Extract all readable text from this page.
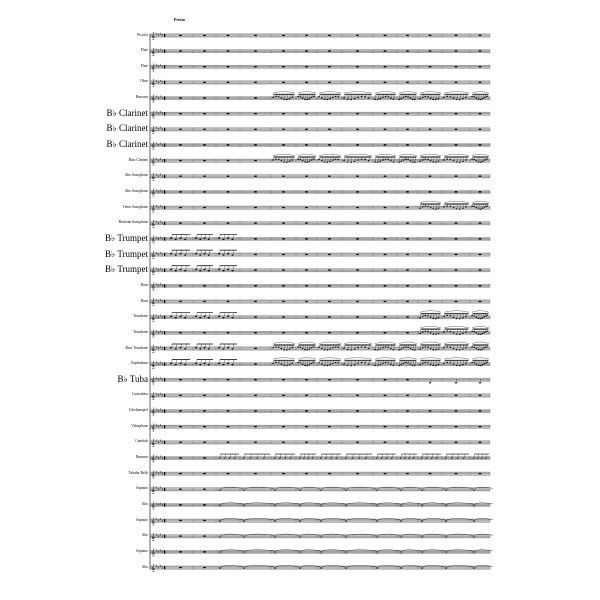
Presto
Piccolo
Flute
Flute
Oboe
Bassoon
B♭ Clarinet
B♭ Clarinet
B♭ Clarinet
Bass Clarinet
Alto Saxophone
Alto Saxophone
Tenor Saxophone
Baritone Saxophone
B♭ Trumpet
B♭ Trumpet
B♭ Trumpet
Horn
Horn
Trombone
Trombone
Bass Trombone
Euphonium
B♭ Tuba
Contrabass
Glockenspiel
Vibraphone
Cymbals
Drumset
Tubular Bells
Soprano
Alto
Soprano
Alto
Soprano
Alto
𝄞 ♯ ♯ ♯ ♯
𝄞 ♯ ♯ ♯ ♯
𝄞 ♯ ♯ ♯ ♯
𝄞 ♯ ♯ ♯ ♯
𝄞 ♯ ♯ ♯ ♯
𝄞 ♯ ♯ ♯ ♯
𝄞 ♯ ♯ ♯ ♯
𝄞 ♯ ♯ ♯ ♯
𝄞 ♯ ♯ ♯ ♯
𝄞 ♯ ♯ ♯ ♯
𝄞 ♯ ♯ ♯ ♯
𝄞 ♯ ♯ ♯ ♯
𝄞 ♯ ♯ ♯ ♯
𝄞 ♯ ♯ ♯ ♯
𝄞 ♯ ♯ ♯ ♯
𝄞 ♯ ♯ ♯ ♯
𝄞 ♯ ♯ ♯ ♯
𝄞 ♯ ♯ ♯ ♯
𝄞 ♯ ♯ ♯ ♯
𝄞 ♯ ♯ ♯ ♯
𝄞 ♯ ♯ ♯ ♯
𝄞 ♯ ♯ ♯ ♯
𝄞 ♯ ♯ ♯ ♯
𝄞 ♯ ♯ ♯ ♯
𝄞 ♯ ♯ ♯ ♯
𝄞 ♯ ♯ ♯ ♯
𝄞 ♯ ♯ ♯ ♯
𝄞 ♯ ♯ ♯ ♯
𝄞 ♯ ♯ ♯ ♯
𝄞 ♯ ♯ ♯ ♯
𝄞 ♯ ♯ ♯ ♯
𝄞 ♯ ♯ ♯ ♯
𝄞 ♯ ♯ ♯ ♯
𝄞 ♯ ♯ ♯ ♯
𝄞 ♯ ♯ ♯ ♯
